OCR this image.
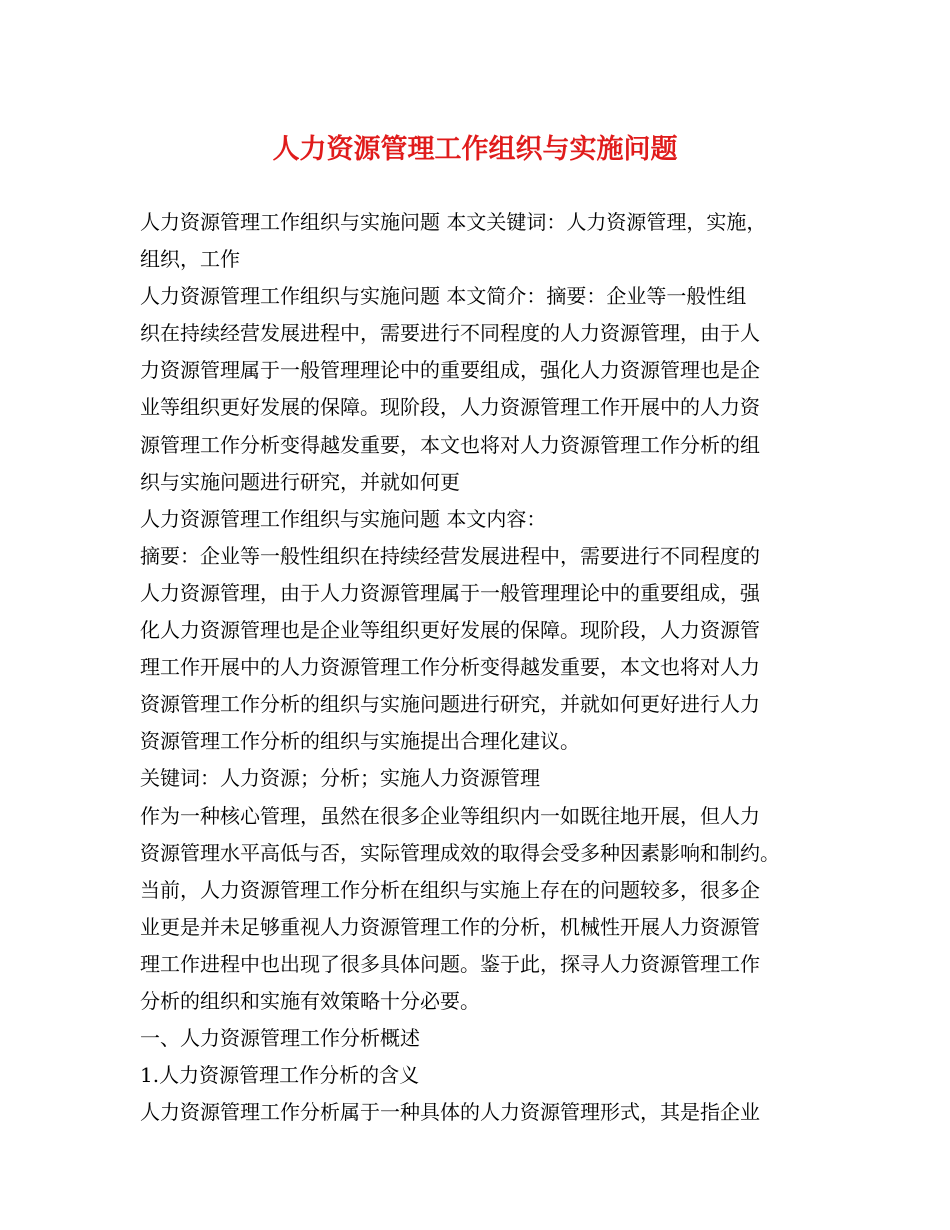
人力资源管理工作组织与实施问题

人力资源管理工作组织与实施问题 本文关键词：人力资源管理，实施，

组织，工作

人力资源管理工作组织与实施问题 本文简介：摘要：企业等一般性组

织在持续经营发展进程中，需要进行不同程度的人力资源管理，由于人

力资源管理属于一般管理理论中的重要组成，强化人力资源管理也是企

业等组织更好发展的保障。现阶段，人力资源管理工作开展中的人力资

源管理工作分析变得越发重要，本文也将对人力资源管理工作分析的组

织与实施问题进行研究，并就如何更

人力资源管理工作组织与实施问题 本文内容：

摘要：企业等一般性组织在持续经营发展进程中，需要进行不同程度的

人力资源管理，由于人力资源管理属于一般管理理论中的重要组成，强

化人力资源管理也是企业等组织更好发展的保障。现阶段，人力资源管

理工作开展中的人力资源管理工作分析变得越发重要，本文也将对人力

资源管理工作分析的组织与实施问题进行研究，并就如何更好进行人力

资源管理工作分析的组织与实施提出合理化建议。

关键词：人力资源；分析；实施人力资源管理

作为一种核心管理，虽然在很多企业等组织内一如既往地开展，但人力

资源管理水平高低与否，实际管理成效的取得会受多种因素影响和制约。

当前，人力资源管理工作分析在组织与实施上存在的问题较多，很多企

业更是并未足够重视人力资源管理工作的分析，机械性开展人力资源管

理工作进程中也出现了很多具体问题。鉴于此，探寻人力资源管理工作

分析的组织和实施有效策略十分必要。

一、人力资源管理工作分析概述

1.人力资源管理工作分析的含义

人力资源管理工作分析属于一种具体的人力资源管理形式，其是指企业
